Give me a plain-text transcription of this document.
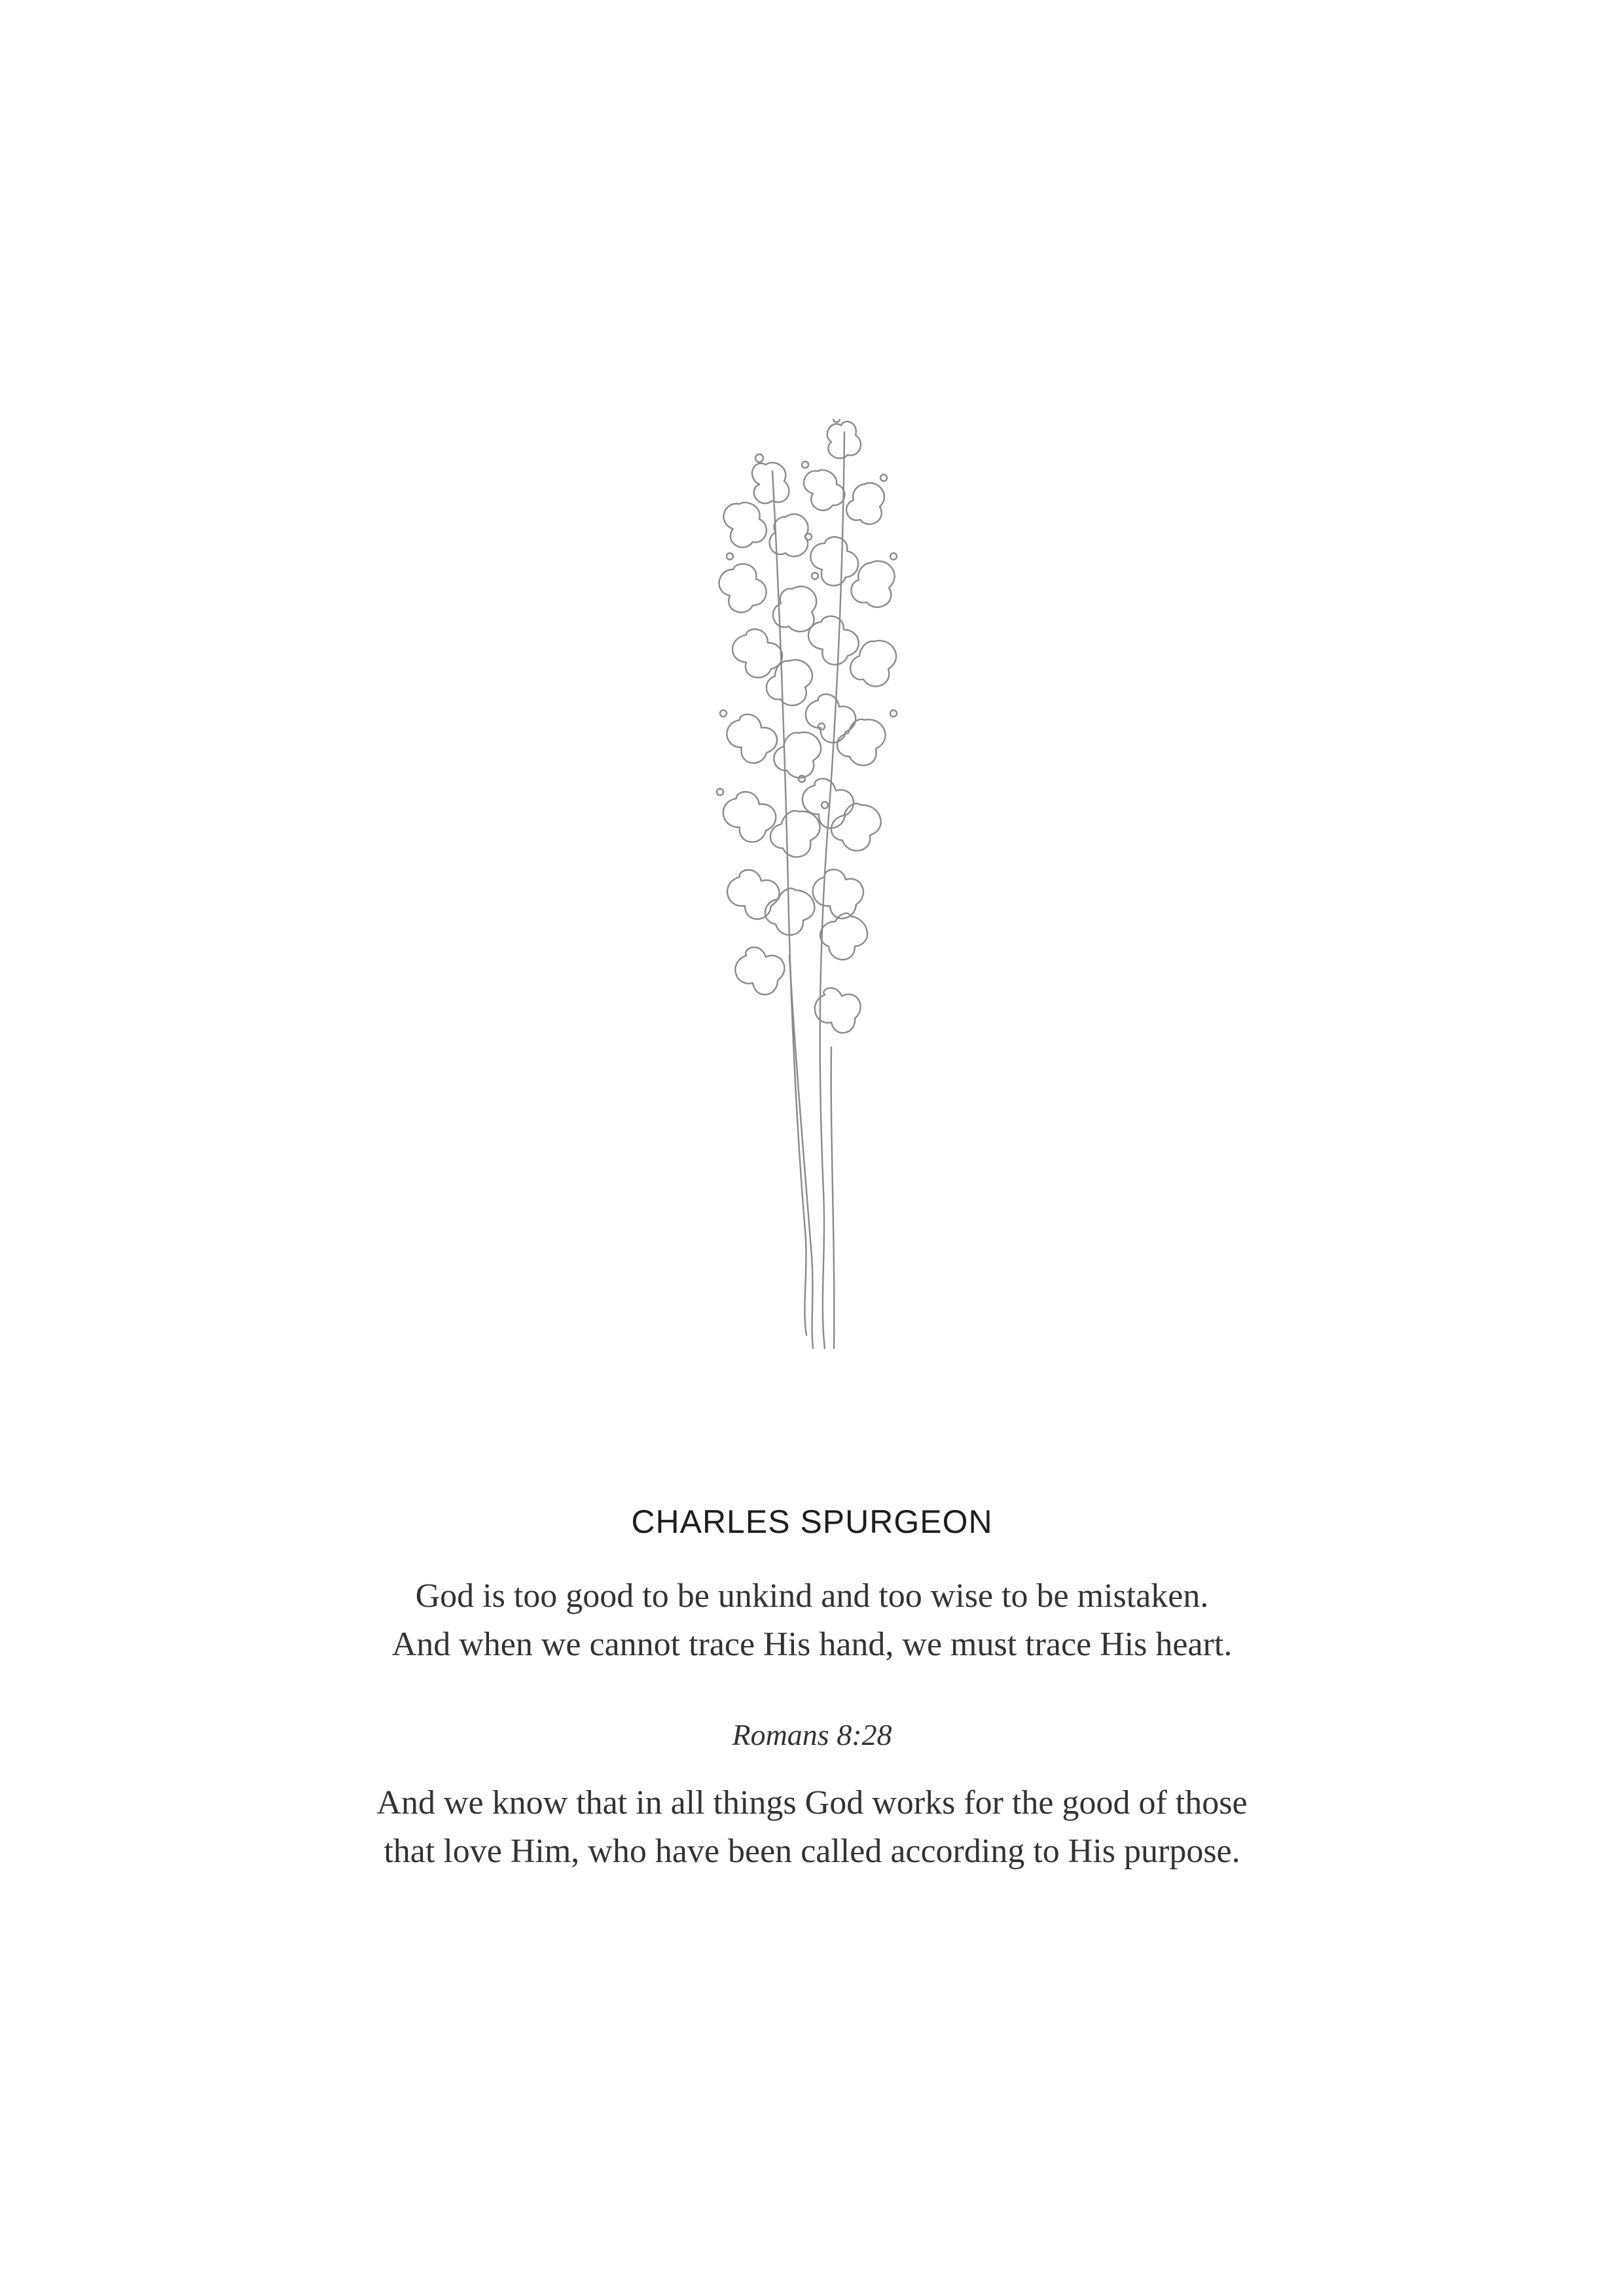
CHARLES SPURGEON
God is too good to be unkind and too wise to be mistaken.
And when we cannot trace His hand, we must trace His heart.
Romans 8:28
And we know that in all things God works for the good of those
that love Him, who have been called according to His purpose.
